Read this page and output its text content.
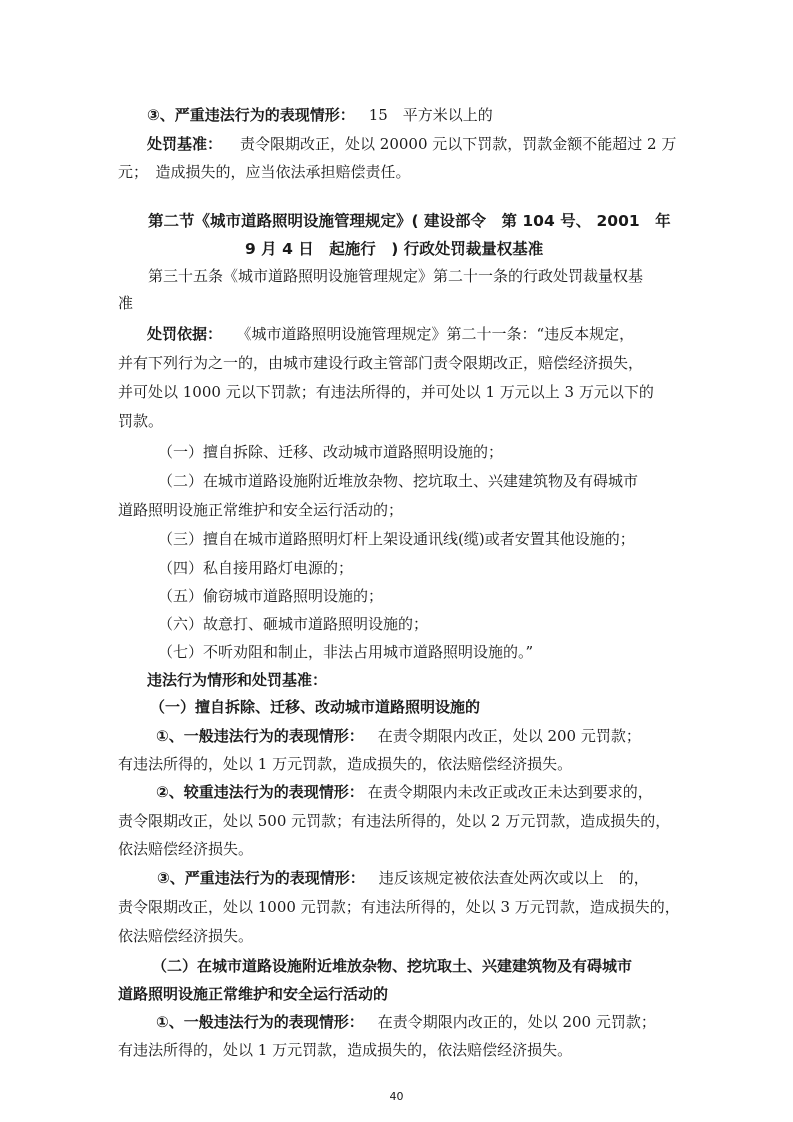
③、严重违法行为的表现情形： 15　平方米以上的
处罚基准： 责令限期改正，处以 20000 元以下罚款，罚款金额不能超过 2 万
元；　造成损失的，应当依法承担赔偿责任。
第二节《城市道路照明设施管理规定》( 建设部令　第 104 号、 2001　年
9 月 4 日　起施行　) 行政处罚裁量权基准
第三十五条《城市道路照明设施管理规定》第二十一条的行政处罚裁量权基
准
处罚依据： 《城市道路照明设施管理规定》第二十一条：“违反本规定，
并有下列行为之一的，由城市建设行政主管部门责令限期改正，赔偿经济损失，
并可处以 1000 元以下罚款；有违法所得的，并可处以 1 万元以上 3 万元以下的
罚款。
（一）擅自拆除、迁移、改动城市道路照明设施的；
（二）在城市道路设施附近堆放杂物、挖坑取土、兴建建筑物及有碍城市
道路照明设施正常维护和安全运行活动的；
（三）擅自在城市道路照明灯杆上架设通讯线(缆)或者安置其他设施的；
（四）私自接用路灯电源的；
（五）偷窃城市道路照明设施的；
（六）故意打、砸城市道路照明设施的；
（七）不听劝阻和制止，非法占用城市道路照明设施的。”
违法行为情形和处罚基准：
（一）擅自拆除、迁移、改动城市道路照明设施的
①、一般违法行为的表现情形： 在责令期限内改正，处以 200 元罚款；
有违法所得的，处以 1 万元罚款，造成损失的，依法赔偿经济损失。
②、较重违法行为的表现情形： 在责令期限内未改正或改正未达到要求的，
责令限期改正，处以 500 元罚款；有违法所得的，处以 2 万元罚款，造成损失的，
依法赔偿经济损失。
③、严重违法行为的表现情形： 违反该规定被依法查处两次或以上　的，
责令限期改正，处以 1000 元罚款；有违法所得的，处以 3 万元罚款，造成损失的，
依法赔偿经济损失。
（二）在城市道路设施附近堆放杂物、挖坑取土、兴建建筑物及有碍城市
道路照明设施正常维护和安全运行活动的
①、一般违法行为的表现情形： 在责令期限内改正的，处以 200 元罚款；
有违法所得的，处以 1 万元罚款，造成损失的，依法赔偿经济损失。
40
